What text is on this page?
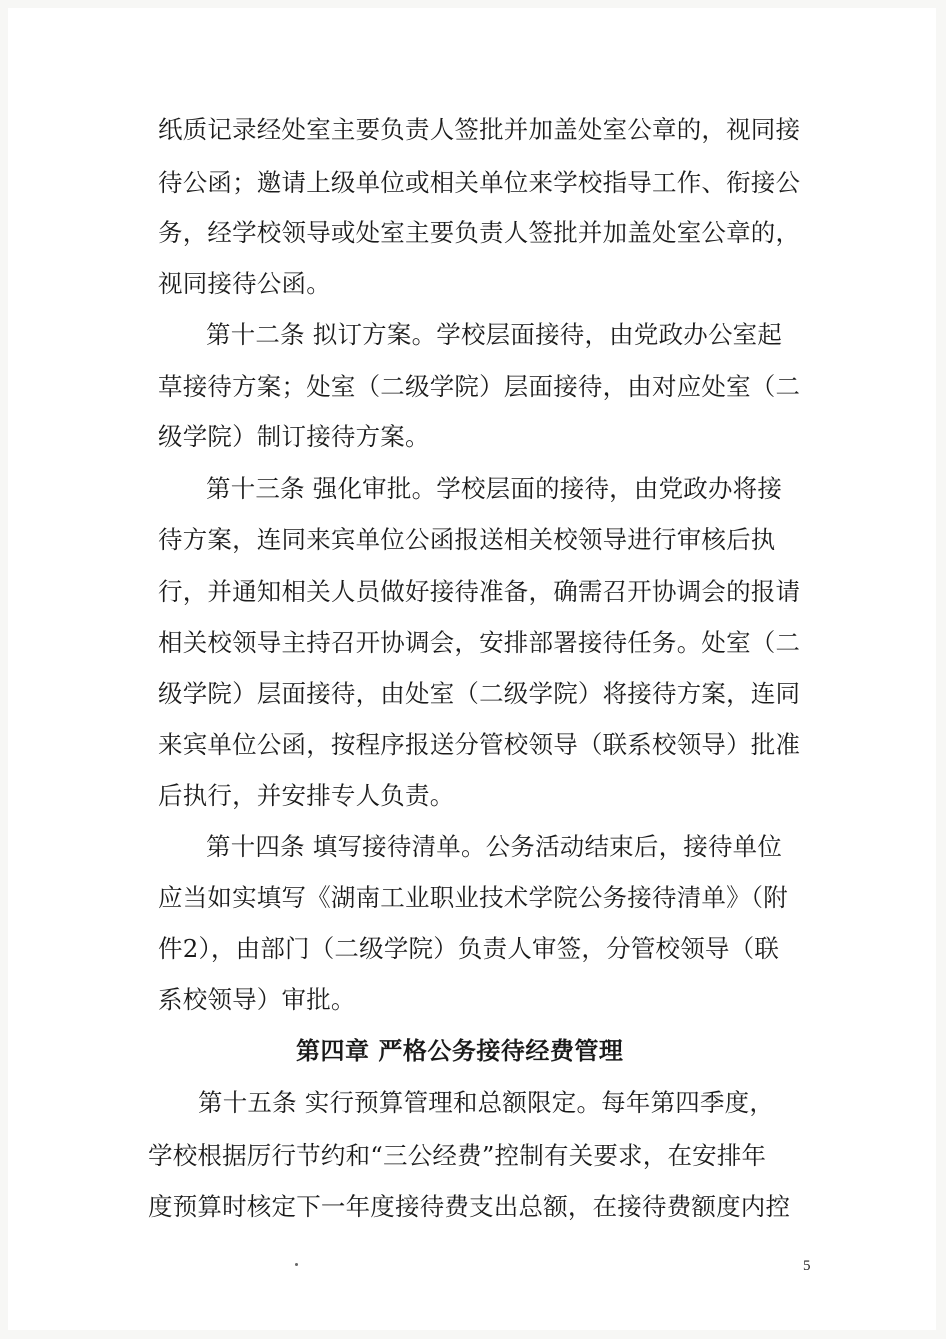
纸质记录经处室主要负责人签批并加盖处室公章的，视同接
待公函；邀请上级单位或相关单位来学校指导工作、衔接公
务，经学校领导或处室主要负责人签批并加盖处室公章的，
视同接待公函。
第十二条 拟订方案。学校层面接待，由党政办公室起
草接待方案；处室（二级学院）层面接待，由对应处室（二
级学院）制订接待方案。
第十三条 强化审批。学校层面的接待，由党政办将接
待方案，连同来宾单位公函报送相关校领导进行审核后执
行，并通知相关人员做好接待准备，确需召开协调会的报请
相关校领导主持召开协调会，安排部署接待任务。处室（二
级学院）层面接待，由处室（二级学院）将接待方案，连同
来宾单位公函，按程序报送分管校领导（联系校领导）批准
后执行，并安排专人负责。
第十四条 填写接待清单。公务活动结束后，接待单位
应当如实填写《湖南工业职业技术学院公务接待清单》（附
件2），由部门（二级学院）负责人审签，分管校领导（联
系校领导）审批。
第四章 严格公务接待经费管理
第十五条 实行预算管理和总额限定。每年第四季度，
学校根据厉行节约和“三公经费”控制有关要求，在安排年
度预算时核定下一年度接待费支出总额，在接待费额度内控
5
